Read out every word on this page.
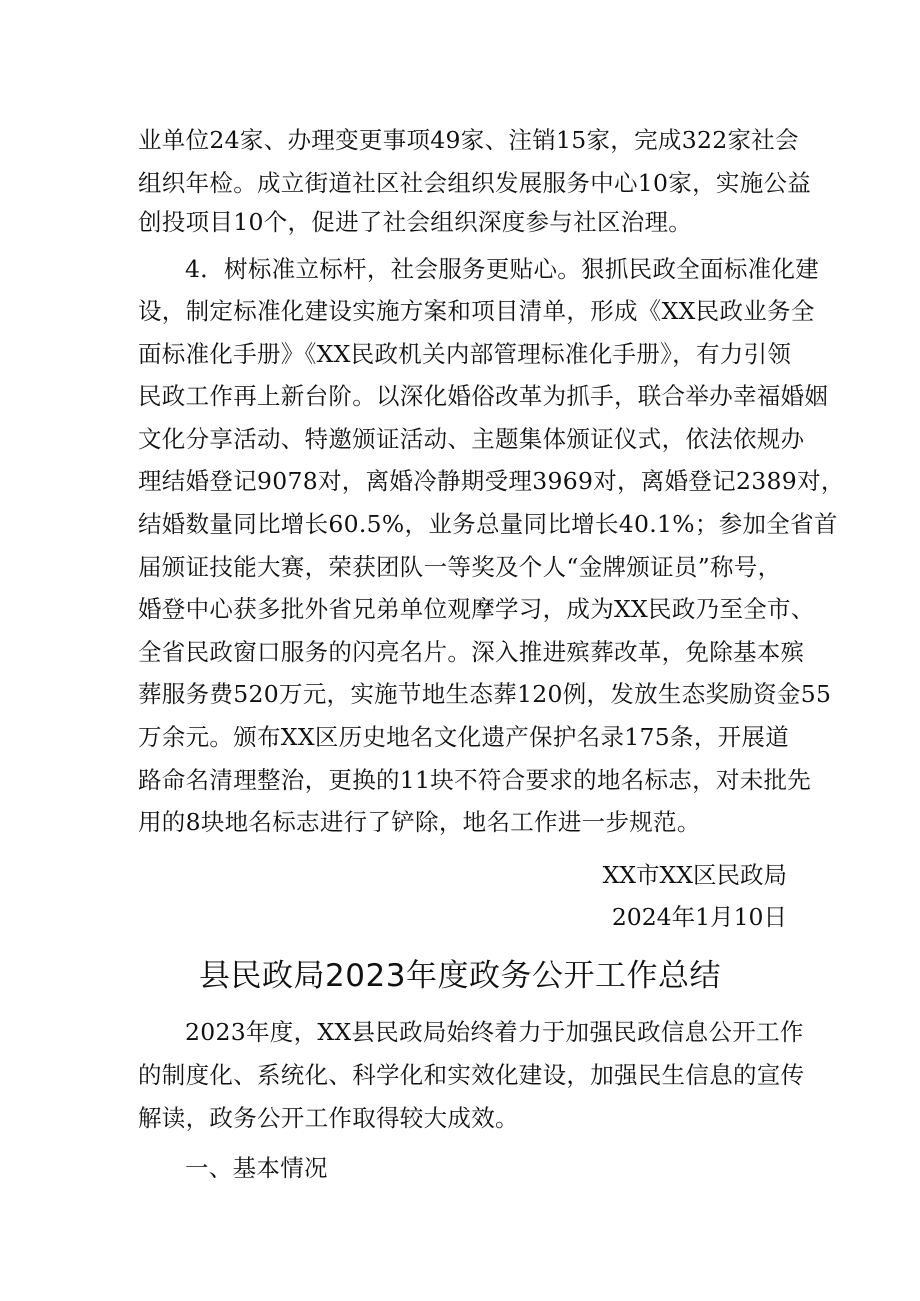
业单位24家、办理变更事项49家、注销15家，完成322家社会
组织年检。成立街道社区社会组织发展服务中心10家，实施公益
创投项目10个，促进了社会组织深度参与社区治理。
4．树标准立标杆，社会服务更贴心。狠抓民政全面标准化建
设，制定标准化建设实施方案和项目清单，形成《XX民政业务全
面标准化手册》《XX民政机关内部管理标准化手册》，有力引领
民政工作再上新台阶。以深化婚俗改革为抓手，联合举办幸福婚姻
文化分享活动、特邀颁证活动、主题集体颁证仪式，依法依规办
理结婚登记9078对，离婚冷静期受理3969对，离婚登记2389对，
结婚数量同比增长60.5%，业务总量同比增长40.1%；参加全省首
届颁证技能大赛，荣获团队一等奖及个人“金牌颁证员”称号，
婚登中心获多批外省兄弟单位观摩学习，成为XX民政乃至全市、
全省民政窗口服务的闪亮名片。深入推进殡葬改革，免除基本殡
葬服务费520万元，实施节地生态葬120例，发放生态奖励资金55
万余元。颁布XX区历史地名文化遗产保护名录175条，开展道
路命名清理整治，更换的11块不符合要求的地名标志，对未批先
用的8块地名标志进行了铲除，地名工作进一步规范。
XX市XX区民政局
2024年1月10日
县民政局2023年度政务公开工作总结
2023年度，XX县民政局始终着力于加强民政信息公开工作
的制度化、系统化、科学化和实效化建设，加强民生信息的宣传
解读，政务公开工作取得较大成效。
一、基本情况
